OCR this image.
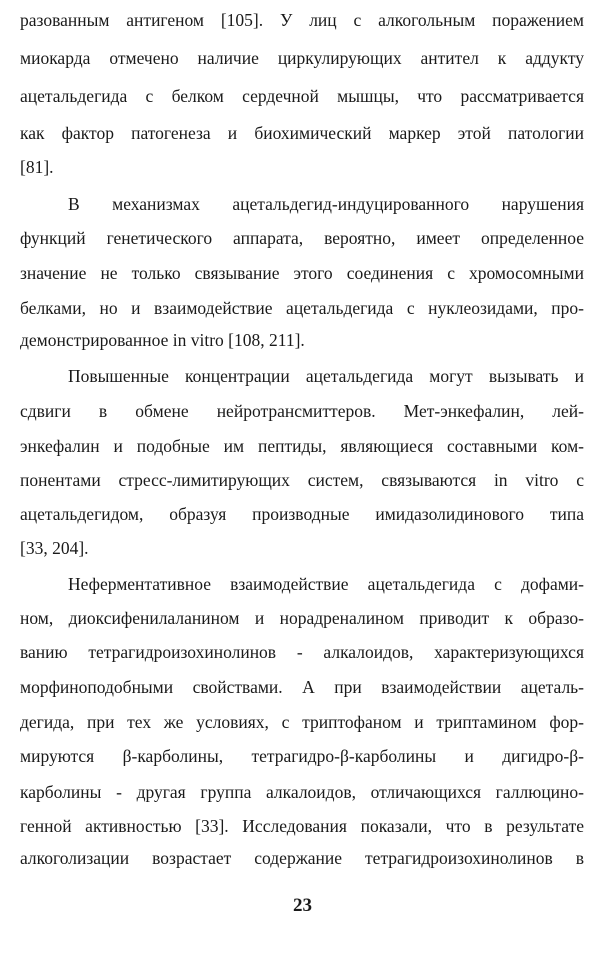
разованным антигеном [105]. У лиц с алкогольным поражением
миокарда отмечено наличие циркулирующих антител к аддукту
ацетальдегида с белком сердечной мышцы, что рассматривается
как фактор патогенеза и биохимический маркер этой патологии
[81].
В механизмах ацетальдегид-индуцированного нарушения
функций генетического аппарата, вероятно, имеет определенное
значение не только связывание этого соединения с хромосомными
белками, но и взаимодействие ацетальдегида с нуклеозидами, про-
демонстрированное in vitro [108, 211].
Повышенные концентрации ацетальдегида могут вызывать и
сдвиги в обмене нейротрансмиттеров. Мет-энкефалин, лей-
энкефалин и подобные им пептиды, являющиеся составными ком-
понентами стресс-лимитирующих систем, связываются in vitro с
ацетальдегидом, образуя производные имидазолидинового типа
[33, 204].
Неферментативное взаимодействие ацетальдегида с дофами-
ном, диоксифенилаланином и норадреналином приводит к образо-
ванию тетрагидроизохинолинов - алкалоидов, характеризующихся
морфиноподобными свойствами. А при взаимодействии ацеталь-
дегида, при тех же условиях, с триптофаном и триптамином фор-
мируются β-карболины, тетрагидро-β-карболины и дигидро-β-
карболины - другая группа алкалоидов, отличающихся галлюцино-
генной активностью [33]. Исследования показали, что в результате
алкоголизации возрастает содержание тетрагидроизохинолинов в
23
